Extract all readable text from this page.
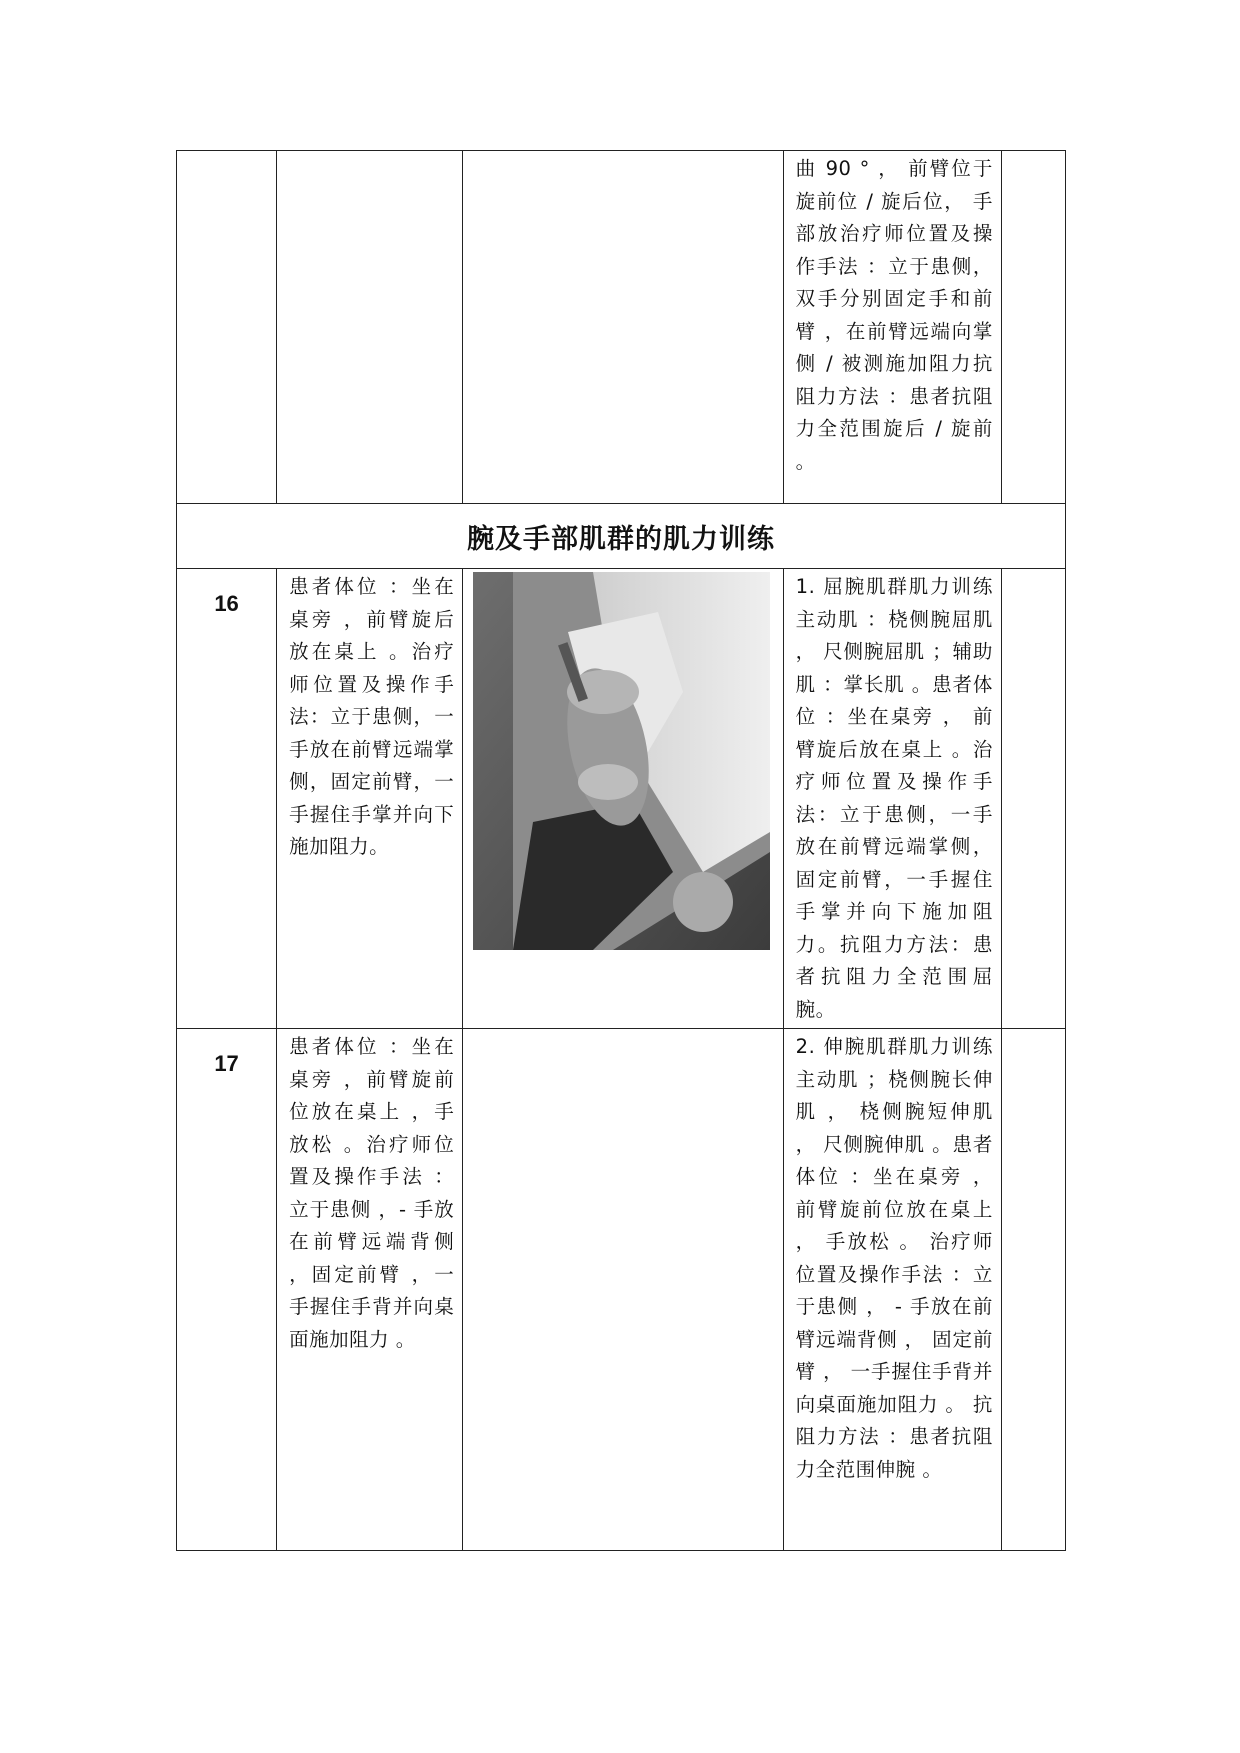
			曲 90 ° ， 前臂位于旋前位 / 旋后位， 手部放治疗师位置及操作手法 ：立于患侧， 双手分别固定手和前臂 ，在前臂远端向掌侧 / 被测施加阻力抗阻力方法 ：患者抗阻力全范围旋后 / 旋前 。	
腕及手部肌群的肌力训练				
16	患者体位 ：坐在桌旁 ，前臂旋后放在桌上 。治疗师位置及操作手法：立于患侧，一手放在前臂远端掌侧，固定前臂，一手握住手掌并向下施加阻力。		1. 屈腕肌群肌力训练主动肌 ：桡侧腕屈肌 ， 尺侧腕屈肌 ；辅助肌 ：掌长肌 。患者体位 ：坐在桌旁 ， 前臂旋后放在桌上 。治疗师位置及操作手法：立于患侧，一手放在前臂远端掌侧，固定前臂，一手握住手掌并向下施加阻力。抗阻力方法：患者抗阻力全范围屈腕。	
17	患者体位 ：坐在桌旁 ，前臂旋前位放在桌上 ，手放松 。治疗师位置及操作手法 ：立于患侧 ，- 手放在前臂远端背侧 ，固定前臂 ，一手握住手背并向桌面施加阻力 。		2. 伸腕肌群肌力训练主动肌 ；桡侧腕长伸肌 ， 桡侧腕短伸肌 ， 尺侧腕伸肌 。患者体位 ：坐在桌旁 ， 前臂旋前位放在桌上 ， 手放松 。 治疗师位置及操作手法 ：立于患侧 ， - 手放在前臂远端背侧 ， 固定前臂 ， 一手握住手背并向桌面施加阻力 。 抗阻力方法 ：患者抗阻力全范围伸腕 。	
